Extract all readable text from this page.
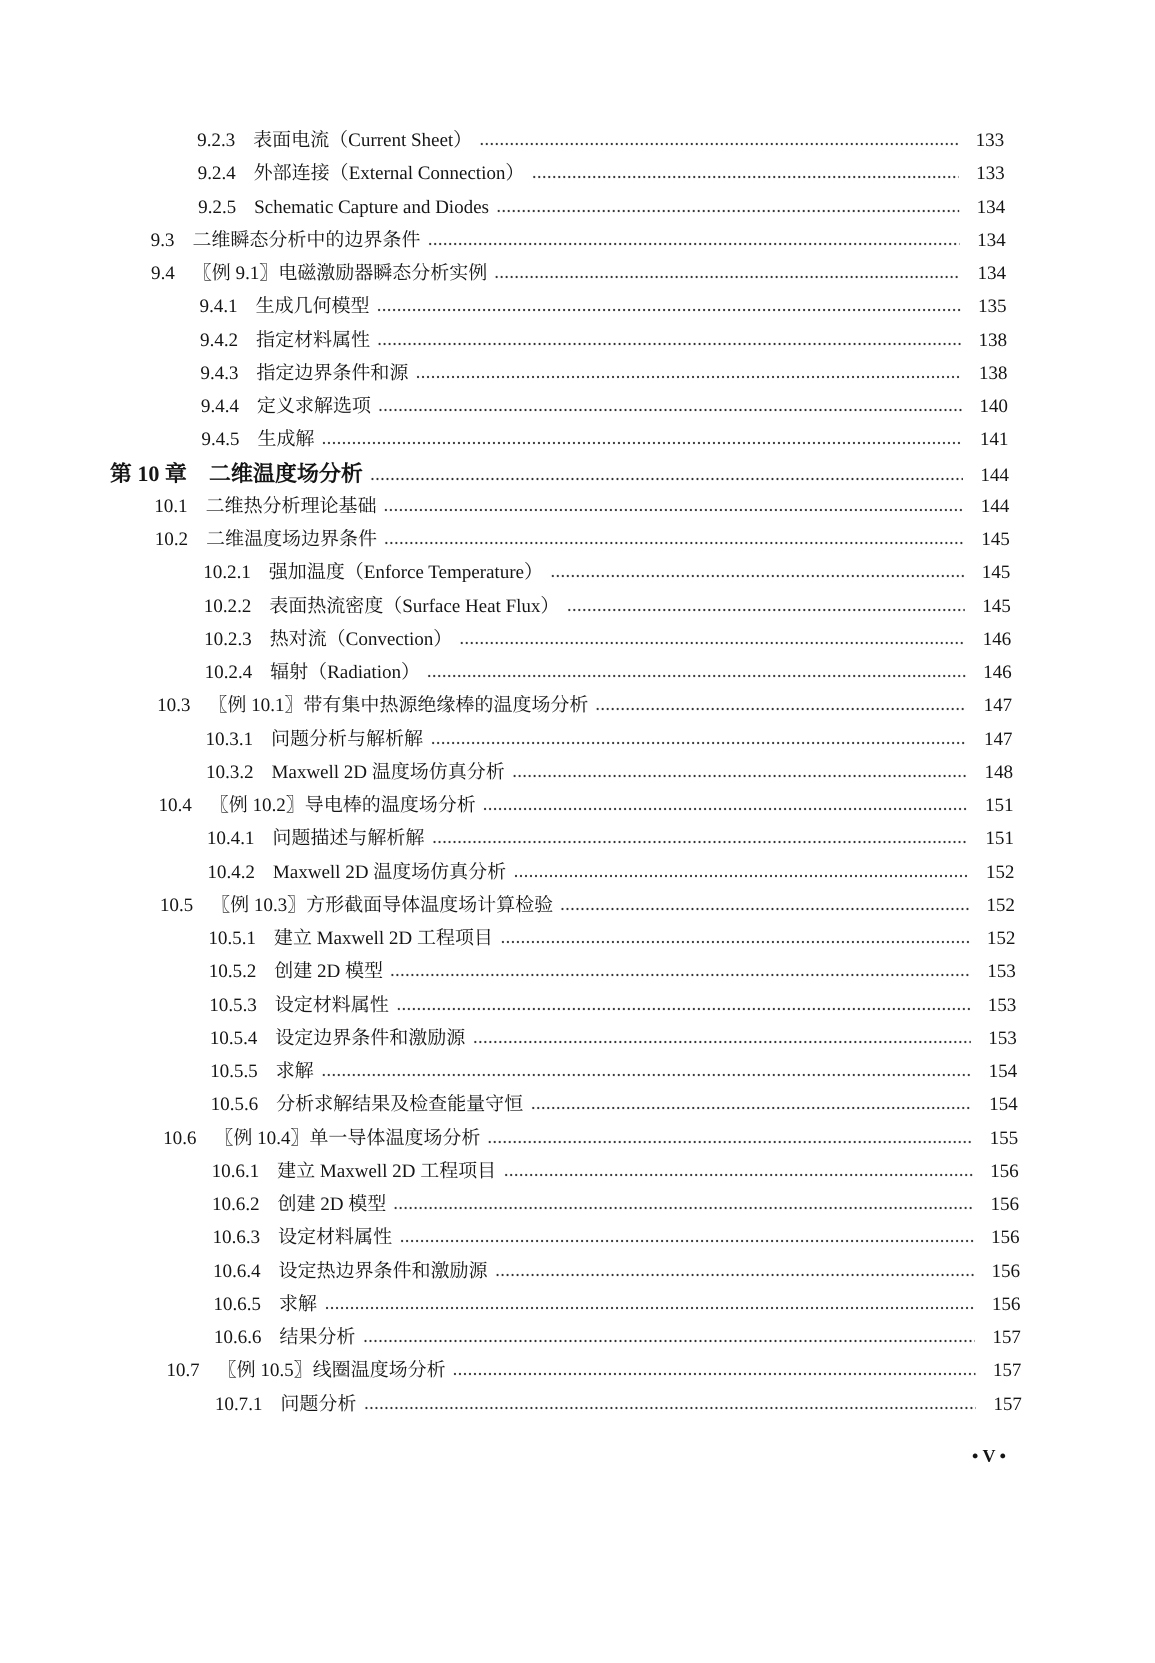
9.2.3 表面电流（Current Sheet）	133
9.2.4 外部连接（External Connection）	133
9.2.5 Schematic Capture and Diodes	134
9.3 二维瞬态分析中的边界条件	134
9.4 〖例 9.1〗电磁激励器瞬态分析实例	134
9.4.1 生成几何模型	135
9.4.2 指定材料属性	138
9.4.3 指定边界条件和源	138
9.4.4 定义求解选项	140
9.4.5 生成解	141
第 10 章 二维温度场分析	144
10.1 二维热分析理论基础	144
10.2 二维温度场边界条件	145
10.2.1 强加温度（Enforce Temperature）	145
10.2.2 表面热流密度（Surface Heat Flux）	145
10.2.3 热对流（Convection）	146
10.2.4 辐射（Radiation）	146
10.3 〖例 10.1〗带有集中热源绝缘棒的温度场分析	147
10.3.1 问题分析与解析解	147
10.3.2 Maxwell 2D 温度场仿真分析	148
10.4 〖例 10.2〗导电棒的温度场分析	151
10.4.1 问题描述与解析解	151
10.4.2 Maxwell 2D 温度场仿真分析	152
10.5 〖例 10.3〗方形截面导体温度场计算检验	152
10.5.1 建立 Maxwell 2D 工程项目	152
10.5.2 创建 2D 模型	153
10.5.3 设定材料属性	153
10.5.4 设定边界条件和激励源	153
10.5.5 求解	154
10.5.6 分析求解结果及检查能量守恒	154
10.6 〖例 10.4〗单一导体温度场分析	155
10.6.1 建立 Maxwell 2D 工程项目	156
10.6.2 创建 2D 模型	156
10.6.3 设定材料属性	156
10.6.4 设定热边界条件和激励源	156
10.6.5 求解	156
10.6.6 结果分析	157
10.7 〖例 10.5〗线圈温度场分析	157
10.7.1 问题分析	157
• V •
